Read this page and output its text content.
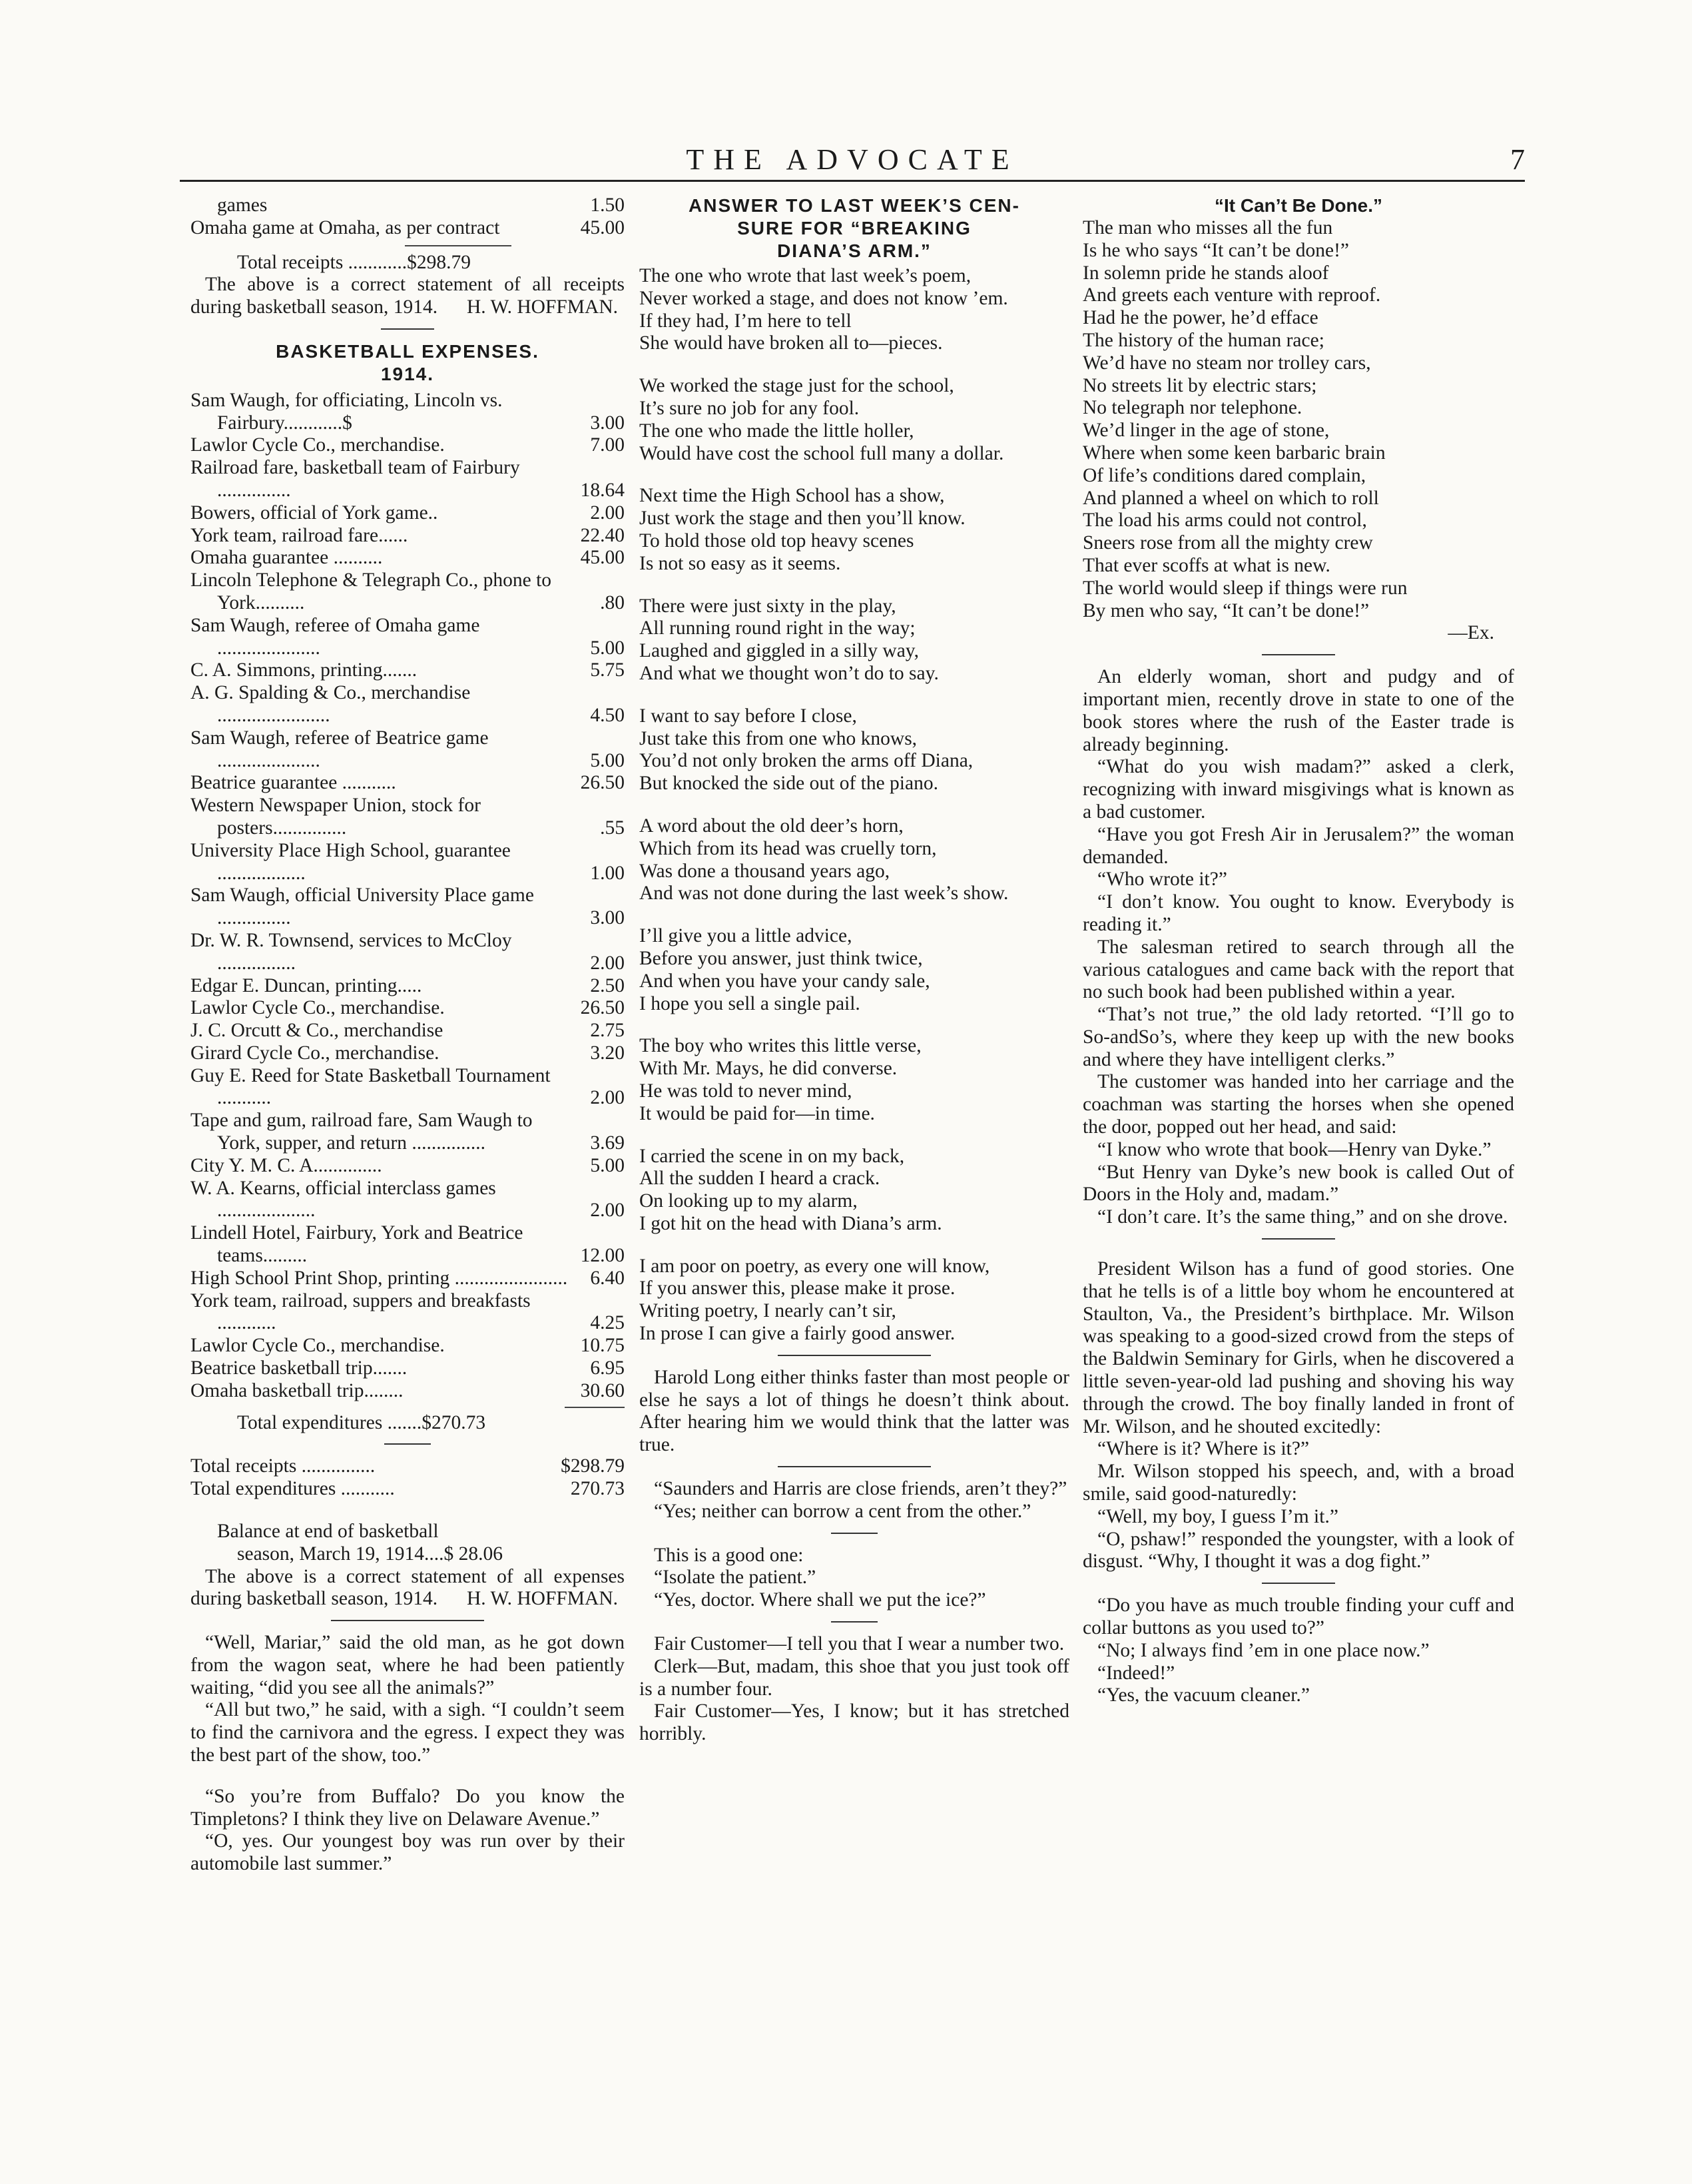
THE ADVOCATE	7
games	1.50
Omaha game at Omaha, as per contract	45.00

Total receipts ............$298.79

The above is a correct statement of all receipts during basketball season, 1914.	H. W. HOFFMAN.

BASKETBALL EXPENSES.

1914.

Sam Waugh, for officiating, Lincoln vs. Fairbury............$	3.00
Lawlor Cycle Co., merchandise.	7.00
Railroad fare, basketball team of Fairbury ...............	18.64
Bowers, official of York game..	2.00
York team, railroad fare......	22.40
Omaha guarantee ..........	45.00
Lincoln Telephone & Telegraph Co., phone to York..........	.80
Sam Waugh, referee of Omaha game .....................	5.00
C. A. Simmons, printing.......	5.75
A. G. Spalding & Co., merchandise .......................	4.50
Sam Waugh, referee of Beatrice game .....................	5.00
Beatrice guarantee ...........	26.50
Western Newspaper Union, stock for posters...............	.55
University Place High School, guarantee ..................	1.00
Sam Waugh, official University Place game ...............	3.00
Dr. W. R. Townsend, services to McCloy ................	2.00
Edgar E. Duncan, printing.....	2.50
Lawlor Cycle Co., merchandise.	26.50
J. C. Orcutt & Co., merchandise	2.75
Girard Cycle Co., merchandise.	3.20
Guy E. Reed for State Basketball Tournament ...........	2.00
Tape and gum, railroad fare, Sam Waugh to York, supper, and return ...............	3.69
City Y. M. C. A..............	5.00
W. A. Kearns, official interclass games ....................	2.00
Lindell Hotel, Fairbury, York and Beatrice teams.........	12.00
High School Print Shop, printing .......................	6.40
York team, railroad, suppers and breakfasts ............	4.25
Lawlor Cycle Co., merchandise.	10.75
Beatrice basketball trip.......	6.95
Omaha basketball trip........	30.60

Total expenditures .......$270.73

Total receipts ...............	$298.79
Total expenditures ...........	270.73

Balance at end of basketball

season, March 19, 1914....$ 28.06

The above is a correct statement of all expenses during basketball season, 1914.	H. W. HOFFMAN.

“Well, Mariar,” said the old man, as he got down from the wagon seat, where he had been patiently waiting, “did you see all the animals?”

“All but two,” he said, with a sigh. “I couldn’t seem to find the carnivora and the egress. I expect they was the best part of the show, too.”

“So you’re from Buffalo? Do you know the Timpletons? I think they live on Delaware Avenue.”

“O, yes. Our youngest boy was run over by their automobile last summer.”

ANSWER TO LAST WEEK’S CEN-

SURE FOR “BREAKING

DIANA’S ARM.”

The one who wrote that last week’s poem,

Never worked a stage, and does not know ’em.

If they had, I’m here to tell

She would have broken all to—pieces.

We worked the stage just for the school,

It’s sure no job for any fool.

The one who made the little holler,

Would have cost the school full many a dollar.

Next time the High School has a show,

Just work the stage and then you’ll know.

To hold those old top heavy scenes

Is not so easy as it seems.

There were just sixty in the play,

All running round right in the way;

Laughed and giggled in a silly way,

And what we thought won’t do to say.

I want to say before I close,

Just take this from one who knows,

You’d not only broken the arms off Diana,

But knocked the side out of the piano.

A word about the old deer’s horn,

Which from its head was cruelly torn,

Was done a thousand years ago,

And was not done during the last week’s show.

I’ll give you a little advice,

Before you answer, just think twice,

And when you have your candy sale,

I hope you sell a single pail.

The boy who writes this little verse,

With Mr. Mays, he did converse.

He was told to never mind,

It would be paid for—in time.

I carried the scene in on my back,

All the sudden I heard a crack.

On looking up to my alarm,

I got hit on the head with Diana’s arm.

I am poor on poetry, as every one will know,

If you answer this, please make it prose.

Writing poetry, I nearly can’t sir,

In prose I can give a fairly good answer.

Harold Long either thinks faster than most people or else he says a lot of things he doesn’t think about. After hearing him we would think that the latter was true.

“Saunders and Harris are close friends, aren’t they?”

“Yes; neither can borrow a cent from the other.”

This is a good one:

“Isolate the patient.”

“Yes, doctor. Where shall we put the ice?”

Fair Customer—I tell you that I wear a number two.

Clerk—But, madam, this shoe that you just took off is a number four.

Fair Customer—Yes, I know; but it has stretched horribly.

“It Can’t Be Done.”

The man who misses all the fun

Is he who says “It can’t be done!”

In solemn pride he stands aloof

And greets each venture with reproof.

Had he the power, he’d efface

The history of the human race;

We’d have no steam nor trolley cars,

No streets lit by electric stars;

No telegraph nor telephone.

We’d linger in the age of stone,

Where when some keen barbaric brain

Of life’s conditions dared complain,

And planned a wheel on which to roll

The load his arms could not control,

Sneers rose from all the mighty crew

That ever scoffs at what is new.

The world would sleep if things were run

By men who say, “It can’t be done!”

—Ex.

An elderly woman, short and pudgy and of important mien, recently drove in state to one of the book stores where the rush of the Easter trade is already beginning.

“What do you wish madam?” asked a clerk, recognizing with inward misgivings what is known as a bad customer.

“Have you got Fresh Air in Jerusalem?” the woman demanded.

“Who wrote it?”

“I don’t know. You ought to know. Everybody is reading it.”

The salesman retired to search through all the various catalogues and came back with the report that no such book had been published within a year.

“That’s not true,” the old lady retorted. “I’ll go to So-andSo’s, where they keep up with the new books and where they have intelligent clerks.”

The customer was handed into her carriage and the coachman was starting the horses when she opened the door, popped out her head, and said:

“I know who wrote that book—Henry van Dyke.”

“But Henry van Dyke’s new book is called Out of Doors in the Holy and, madam.”

“I don’t care. It’s the same thing,” and on she drove.

President Wilson has a fund of good stories. One that he tells is of a little boy whom he encountered at Staulton, Va., the President’s birthplace. Mr. Wilson was speaking to a good-sized crowd from the steps of the Baldwin Seminary for Girls, when he discovered a little seven-year-old lad pushing and shoving his way through the crowd. The boy finally landed in front of Mr. Wilson, and he shouted excitedly:

“Where is it? Where is it?”

Mr. Wilson stopped his speech, and, with a broad smile, said good-naturedly:

“Well, my boy, I guess I’m it.”

“O, pshaw!” responded the youngster, with a look of disgust. “Why, I thought it was a dog fight.”

“Do you have as much trouble finding your cuff and collar buttons as you used to?”

“No; I always find ’em in one place now.”

“Indeed!”

“Yes, the vacuum cleaner.”
